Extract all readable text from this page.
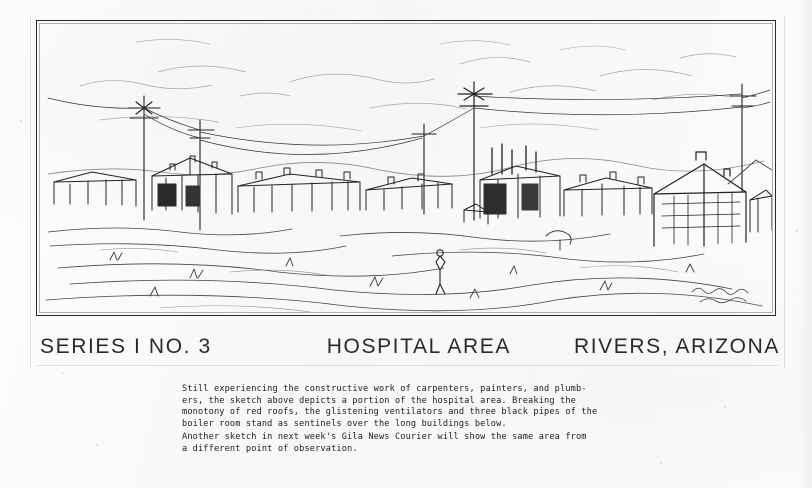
SERIES I NO. 3	HOSPITAL AREA	RIVERS, ARIZONA

Still experiencing the constructive work of carpenters, painters, and plumb-

ers, the sketch above depicts a portion of the hospital area. Breaking the

monotony of red roofs, the glistening ventilators and three black pipes of the

boiler room stand as sentinels over the long buildings below.

Another sketch in next week's Gila News Courier will show the same area from

a different point of observation.
